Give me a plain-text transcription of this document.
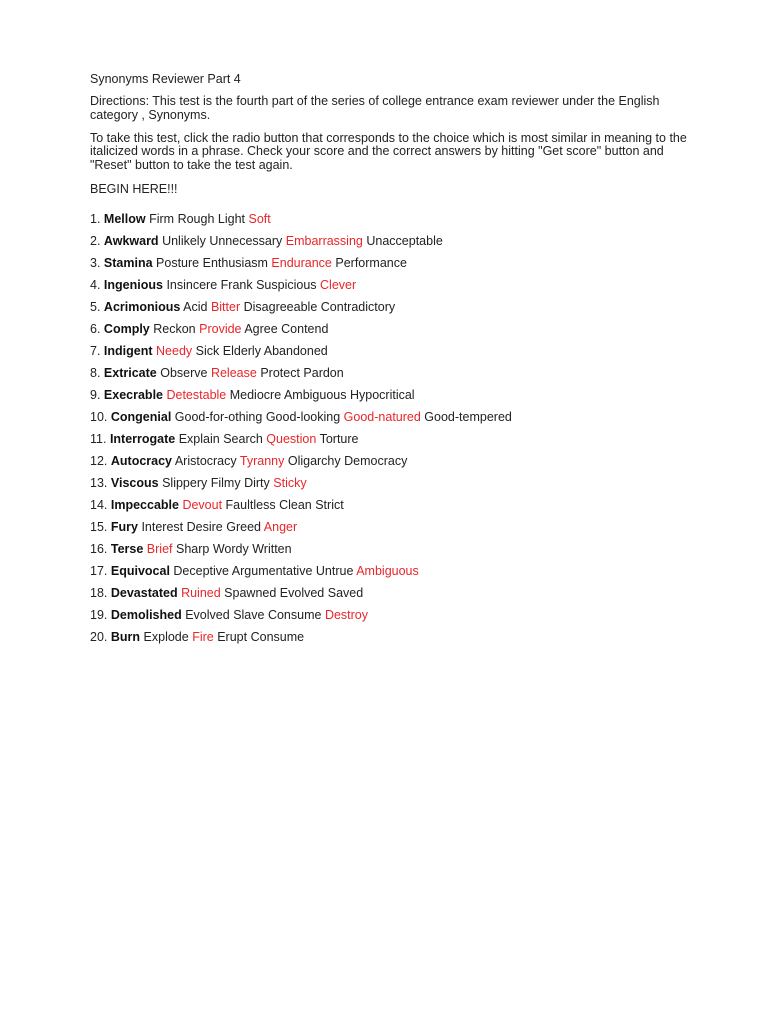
Synonyms Reviewer Part 4

Directions: This test is the fourth part of the series of college entrance exam reviewer under the English category , Synonyms.

To take this test, click the radio button that corresponds to the choice which is most similar in meaning to the italicized words in a phrase. Check your score and the correct answers by hitting "Get score" button and "Reset" button to take the test again.

BEGIN HERE!!!

1. Mellow Firm Rough Light Soft
2. Awkward Unlikely Unnecessary Embarrassing Unacceptable
3. Stamina Posture Enthusiasm Endurance Performance
4. Ingenious Insincere Frank Suspicious Clever
5. Acrimonious Acid Bitter Disagreeable Contradictory
6. Comply Reckon Provide Agree Contend
7. Indigent Needy Sick Elderly Abandoned
8. Extricate Observe Release Protect Pardon
9. Execrable Detestable Mediocre Ambiguous Hypocritical
10. Congenial Good-for-othing Good-looking Good-natured Good-tempered
11. Interrogate Explain Search Question Torture
12. Autocracy Aristocracy Tyranny Oligarchy Democracy
13. Viscous Slippery Filmy Dirty Sticky
14. Impeccable Devout Faultless Clean Strict
15. Fury Interest Desire Greed Anger
16. Terse Brief Sharp Wordy Written
17. Equivocal Deceptive Argumentative Untrue Ambiguous
18. Devastated Ruined Spawned Evolved Saved
19. Demolished Evolved Slave Consume Destroy
20. Burn Explode Fire Erupt Consume
